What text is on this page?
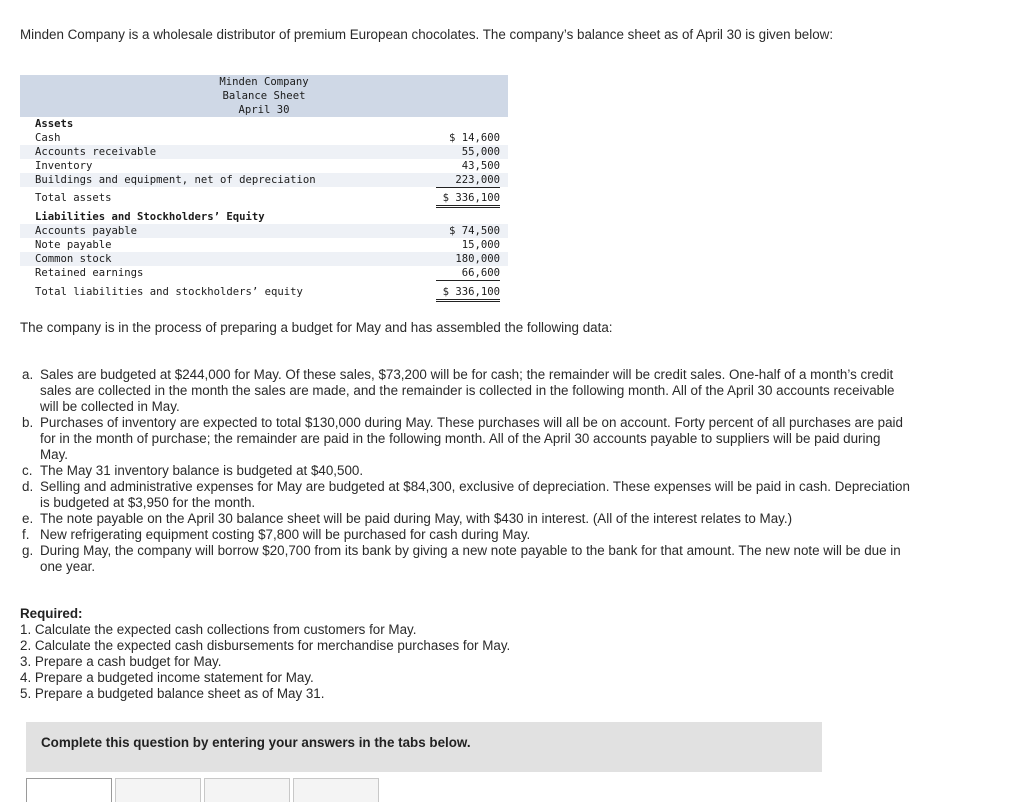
Minden Company is a wholesale distributor of premium European chocolates. The company’s balance sheet as of April 30 is given below:
Minden Company
Balance Sheet
April 30
Assets
Cash	$ 14,600
Accounts receivable	55,000
Inventory	43,500
Buildings and equipment, net of depreciation	223,000
Total assets	$ 336,100
Liabilities and Stockholders’ Equity
Accounts payable	$ 74,500
Note payable	15,000
Common stock	180,000
Retained earnings	66,600
Total liabilities and stockholders’ equity	$ 336,100
The company is in the process of preparing a budget for May and has assembled the following data:
a. Sales are budgeted at $244,000 for May. Of these sales, $73,200 will be for cash; the remainder will be credit sales. One-half of a month’s credit sales are collected in the month the sales are made, and the remainder is collected in the following month. All of the April 30 accounts receivable will be collected in May.
b. Purchases of inventory are expected to total $130,000 during May. These purchases will all be on account. Forty percent of all purchases are paid for in the month of purchase; the remainder are paid in the following month. All of the April 30 accounts payable to suppliers will be paid during May.
c. The May 31 inventory balance is budgeted at $40,500.
d. Selling and administrative expenses for May are budgeted at $84,300, exclusive of depreciation. These expenses will be paid in cash. Depreciation is budgeted at $3,950 for the month.
e. The note payable on the April 30 balance sheet will be paid during May, with $430 in interest. (All of the interest relates to May.)
f. New refrigerating equipment costing $7,800 will be purchased for cash during May.
g. During May, the company will borrow $20,700 from its bank by giving a new note payable to the bank for that amount. The new note will be due in one year.
Required:
1. Calculate the expected cash collections from customers for May.
2. Calculate the expected cash disbursements for merchandise purchases for May.
3. Prepare a cash budget for May.
4. Prepare a budgeted income statement for May.
5. Prepare a budgeted balance sheet as of May 31.
Complete this question by entering your answers in the tabs below.
